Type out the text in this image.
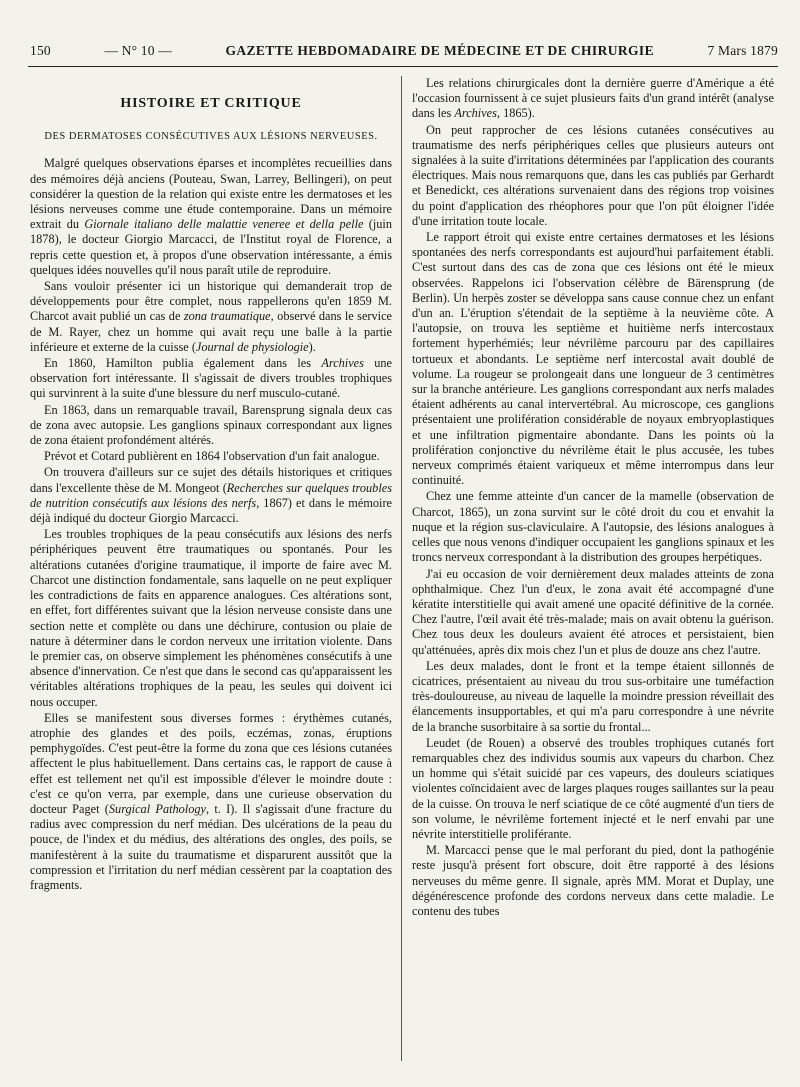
150	— N° 10 —	GAZETTE HEBDOMADAIRE DE MÉDECINE ET DE CHIRURGIE	7 Mars 1879
HISTOIRE ET CRITIQUE
DES DERMATOSES CONSÉCUTIVES AUX LÉSIONS NERVEUSES.

Malgré quelques observations éparses et incomplètes recueillies dans des mémoires déjà anciens (Pouteau, Swan, Larrey, Bellingeri), on peut considérer la question de la relation qui existe entre les dermatoses et les lésions nerveuses comme une étude contemporaine. Dans un mémoire extrait du Giornale italiano delle malattie veneree et della pelle (juin 1878), le docteur Giorgio Marcacci, de l'Institut royal de Florence, a repris cette question et, à propos d'une observation intéressante, a émis quelques idées nouvelles qu'il nous paraît utile de reproduire.

Sans vouloir présenter ici un historique qui demanderait trop de développements pour être complet, nous rappellerons qu'en 1859 M. Charcot avait publié un cas de zona traumatique, observé dans le service de M. Rayer, chez un homme qui avait reçu une balle à la partie inférieure et externe de la cuisse (Journal de physiologie).

En 1860, Hamilton publia également dans les Archives une observation fort intéressante. Il s'agissait de divers troubles trophiques qui survinrent à la suite d'une blessure du nerf musculo-cutané.

En 1863, dans un remarquable travail, Barensprung signala deux cas de zona avec autopsie. Les ganglions spinaux correspondant aux lignes de zona étaient profondément altérés.

Prévot et Cotard publièrent en 1864 l'observation d'un fait analogue.

On trouvera d'ailleurs sur ce sujet des détails historiques et critiques dans l'excellente thèse de M. Mongeot (Recherches sur quelques troubles de nutrition consécutifs aux lésions des nerfs, 1867) et dans le mémoire déjà indiqué du docteur Giorgio Marcacci.

Les troubles trophiques de la peau consécutifs aux lésions des nerfs périphériques peuvent être traumatiques ou spontanés. Pour les altérations cutanées d'origine traumatique, il importe de faire avec M. Charcot une distinction fondamentale, sans laquelle on ne peut expliquer les contradictions de faits en apparence analogues. Ces altérations sont, en effet, fort différentes suivant que la lésion nerveuse consiste dans une section nette et complète ou dans une déchirure, contusion ou plaie de nature à déterminer dans le cordon nerveux une irritation violente. Dans le premier cas, on observe simplement les phénomènes consécutifs à une absence d'innervation. Ce n'est que dans le second cas qu'apparaissent les véritables altérations trophiques de la peau, les seules qui doivent ici nous occuper.

Elles se manifestent sous diverses formes : érythèmes cutanés, atrophie des glandes et des poils, eczémas, zonas, éruptions pemphygoïdes. C'est peut-être la forme du zona que ces lésions cutanées affectent le plus habituellement. Dans certains cas, le rapport de cause à effet est tellement net qu'il est impossible d'élever le moindre doute : c'est ce qu'on verra, par exemple, dans une curieuse observation du docteur Paget (Surgical Pathology, t. I). Il s'agissait d'une fracture du radius avec compression du nerf médian. Des ulcérations de la peau du pouce, de l'index et du médius, des altérations des ongles, des poils, se manifestèrent à la suite du traumatisme et disparurent aussitôt que la compression et l'irritation du nerf médian cessèrent par la coaptation des fragments.

Les relations chirurgicales dont la dernière guerre d'Amérique a été l'occasion fournissent à ce sujet plusieurs faits d'un grand intérêt (analyse dans les Archives, 1865).

On peut rapprocher de ces lésions cutanées consécutives au traumatisme des nerfs périphériques celles que plusieurs auteurs ont signalées à la suite d'irritations déterminées par l'application des courants électriques. Mais nous remarquons que, dans les cas publiés par Gerhardt et Benedickt, ces altérations survenaient dans des régions trop voisines du point d'application des rhéophores pour que l'on pût éloigner l'idée d'une irritation toute locale.

Le rapport étroit qui existe entre certaines dermatoses et les lésions spontanées des nerfs correspondants est aujourd'hui parfaitement établi. C'est surtout dans des cas de zona que ces lésions ont été le mieux observées. Rappelons ici l'observation célèbre de Bärensprung (de Berlin). Un herpès zoster se développa sans cause connue chez un enfant d'un an. L'éruption s'étendait de la septième à la neuvième côte. A l'autopsie, on trouva les septième et huitième nerfs intercostaux fortement hyperhémiés; leur névrilème parcouru par des capillaires tortueux et abondants. Le septième nerf intercostal avait doublé de volume. La rougeur se prolongeait dans une longueur de 3 centimètres sur la branche antérieure. Les ganglions correspondant aux nerfs malades étaient adhérents au canal intervertébral. Au microscope, ces ganglions présentaient une prolifération considérable de noyaux embryoplastiques et une infiltration pigmentaire abondante. Dans les points où la prolifération conjonctive du névrilème était le plus accusée, les tubes nerveux comprimés étaient variqueux et même interrompus dans leur continuité.

Chez une femme atteinte d'un cancer de la mamelle (observation de Charcot, 1865), un zona survint sur le côté droit du cou et envahit la nuque et la région sus-claviculaire. A l'autopsie, des lésions analogues à celles que nous venons d'indiquer occupaient les ganglions spinaux et les troncs nerveux correspondant à la distribution des groupes herpétiques.

J'ai eu occasion de voir dernièrement deux malades atteints de zona ophthalmique. Chez l'un d'eux, le zona avait été accompagné d'une kératite interstitielle qui avait amené une opacité définitive de la cornée. Chez l'autre, l'œil avait été très-malade; mais on avait obtenu la guérison. Chez tous deux les douleurs avaient été atroces et persistaient, bien qu'atténuées, après dix mois chez l'un et plus de douze ans chez l'autre.

Les deux malades, dont le front et la tempe étaient sillonnés de cicatrices, présentaient au niveau du trou sus-orbitaire une tuméfaction très-douloureuse, au niveau de laquelle la moindre pression réveillait des élancements insupportables, et qui m'a paru correspondre à une névrite de la branche susorbitaire à sa sortie du frontal...

Leudet (de Rouen) a observé des troubles trophiques cutanés fort remarquables chez des individus soumis aux vapeurs du charbon. Chez un homme qui s'était suicidé par ces vapeurs, des douleurs sciatiques violentes coïncidaient avec de larges plaques rouges saillantes sur la peau de la cuisse. On trouva le nerf sciatique de ce côté augmenté d'un tiers de son volume, le névrilème fortement injecté et le nerf envahi par une névrite interstitielle proliférante.

M. Marcacci pense que le mal perforant du pied, dont la pathogénie reste jusqu'à présent fort obscure, doit être rapporté à des lésions nerveuses du même genre. Il signale, après MM. Morat et Duplay, une dégénérescence profonde des cordons nerveux dans cette maladie. Le contenu des tubes
